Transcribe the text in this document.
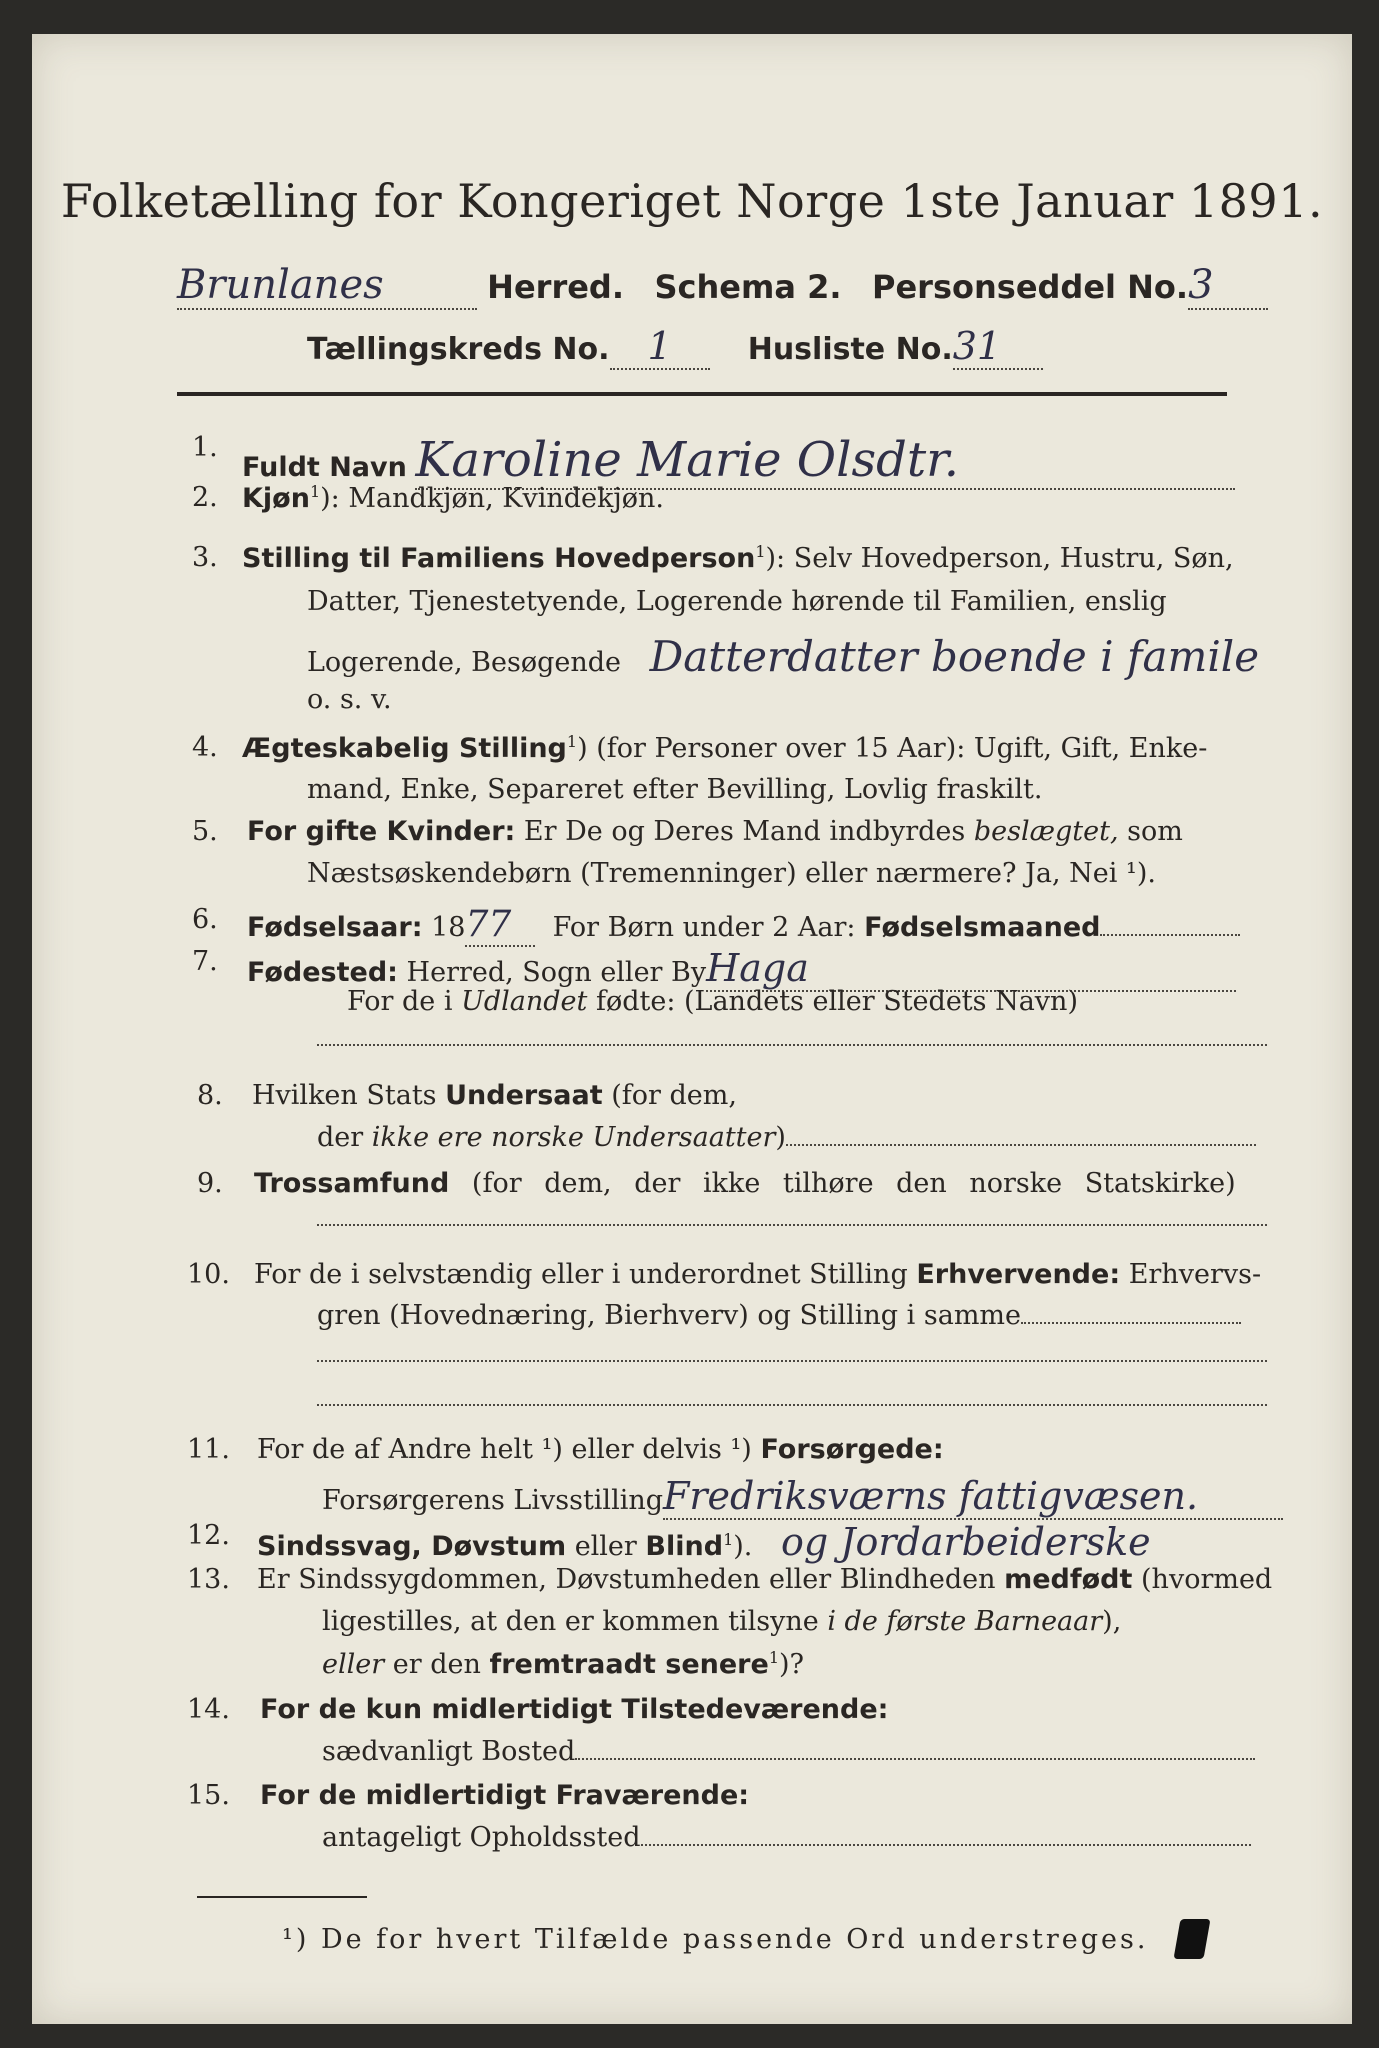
Folketælling for Kongeriget Norge 1ste Januar 1891.
Brunlanes	Herred. Schema 2. Personseddel No.3
Tællingskreds No. 1	Husliste No.31
1.
Fuldt Navn Karoline Marie Olsdtr.
2. Kjøn$^1$): Mandkjøn, Kvindekjøn.
3. Stilling til Familiens Hovedperson$^1$): Selv Hovedperson, Hustru, Søn,
Datter, Tjenestetyende, Logerende hørende til Familien, enslig
Logerende, Besøgende Datterdatter boende i famile
o. s. v.
4. Ægteskabelig Stilling$^1$) (for Personer over 15 Aar): Ugift, Gift, Enke-
mand, Enke, Separeret efter Bevilling, Lovlig fraskilt.
5. For gifte Kvinder: Er De og Deres Mand indbyrdes beslægtet, som
Næstsøskendebørn (Tremenninger) eller nærmere? Ja, Nei ¹).
6. Fødselsaar: 1877 For Børn under 2 Aar: Fødselsmaaned
7. Fødested: Herred, Sogn eller ByHaga
For de i Udlandet fødte: (Landets eller Stedets Navn)
8. Hvilken Stats Undersaat (for dem,
der ikke ere norske Undersaatter)
9. Trossamfund (for dem, der ikke tilhøre den norske Statskirke)
10. For de i selvstændig eller i underordnet Stilling Erhvervende: Erhvervs-
gren (Hovednæring, Bierhverv) og Stilling i samme
11. For de af Andre helt ¹) eller delvis ¹) Forsørgede:
Forsørgerens LivsstillingFredriksværns fattigvæsen.
12. Sindssvag, Døvstum eller Blind$^1$). og Jordarbeiderske
13. Er Sindssygdommen, Døvstumheden eller Blindheden medfødt (hvormed
ligestilles, at den er kommen tilsyne i de første Barneaar),
eller er den fremtraadt senere$^1$)?
14. For de kun midlertidigt Tilstedeværende:
sædvanligt Bosted
15. For de midlertidigt Fraværende:
antageligt Opholdssted
¹) De for hvert Tilfælde passende Ord understreges.
